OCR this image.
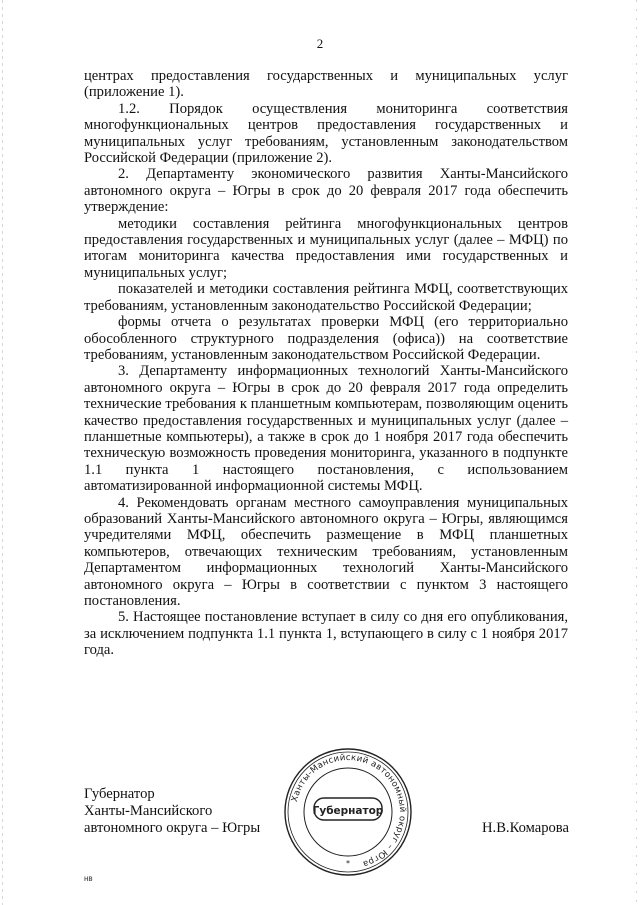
2

центрах предоставления государственных и муниципальных услуг (приложение 1).

1.2. Порядок осуществления мониторинга соответствия многофункциональных центров предоставления государственных и муниципальных услуг требованиям, установленным законодательством Российской Федерации (приложение 2).

2. Департаменту экономического развития Ханты-Мансийского автономного округа – Югры в срок до 20 февраля 2017 года обеспечить утверждение:

методики составления рейтинга многофункциональных центров предоставления государственных и муниципальных услуг (далее – МФЦ) по итогам мониторинга качества предоставления ими государственных и муниципальных услуг;

показателей и методики составления рейтинга МФЦ, соответствующих требованиям, установленным законодательство Российской Федерации;

формы отчета о результатах проверки МФЦ (его территориально обособленного структурного подразделения (офиса)) на соответствие требованиям, установленным законодательством Российской Федерации.

3. Департаменту информационных технологий Ханты-Мансийского автономного округа – Югры в срок до 20 февраля 2017 года определить технические требования к планшетным компьютерам, позволяющим оценить качество предоставления государственных и муниципальных услуг (далее – планшетные компьютеры), а также в срок до 1 ноября 2017 года обеспечить техническую возможность проведения мониторинга, указанного в подпункте 1.1 пункта 1 настоящего постановления, с использованием автоматизированной информационной системы МФЦ.

4. Рекомендовать органам местного самоуправления муниципальных образований Ханты-Мансийского автономного округа – Югры, являющимся учредителями МФЦ, обеспечить размещение в МФЦ планшетных компьютеров, отвечающих техническим требованиям, установленным Департаментом информационных технологий Ханты-Мансийского автономного округа – Югры в соответствии с пунктом 3 настоящего постановления.

5. Настоящее постановление вступает в силу со дня его опубликования, за исключением подпункта 1.1 пункта 1, вступающего в силу с 1 ноября 2017 года.

Губернатор
Ханты-Мансийского
автономного округа – Югры
Ханты-Мансийский автономный округ – Югра
Губернатор
*
Н.В.Комарова
нв
